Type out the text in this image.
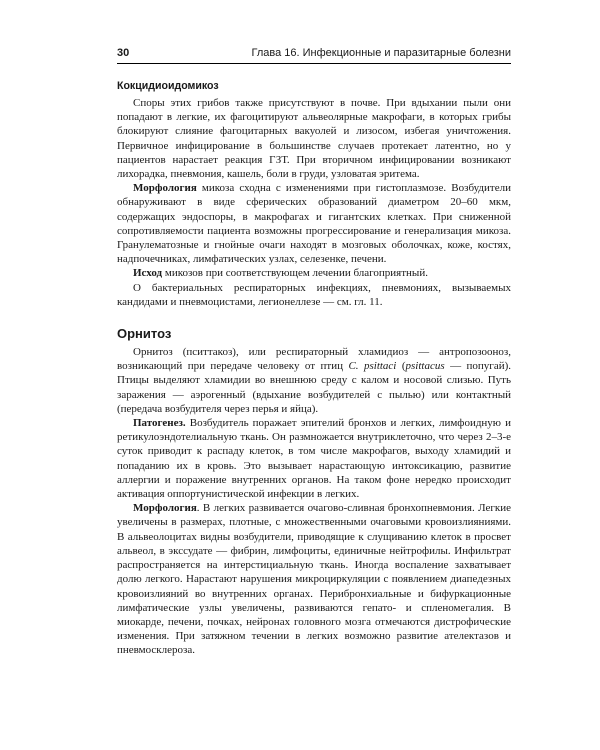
30	Глава 16. Инфекционные и паразитарные болезни
Кокцидиоидомикоз

Споры этих грибов также присутствуют в почве. При вдыхании пыли они попадают в легкие, их фагоцитируют альвеолярные макрофаги, в которых грибы блокируют слияние фагоцитарных вакуолей и лизосом, избегая уничтожения. Первичное инфицирование в большинстве случаев протекает латентно, но у пациентов нарастает реакция ГЗТ. При вторичном инфицировании возникают лихорадка, пневмония, кашель, боли в груди, узловатая эритема.

Морфология микоза сходна с изменениями при гистоплазмозе. Возбудители обнаруживают в виде сферических образований диаметром 20–60 мкм, содержащих эндоспоры, в макрофагах и гигантских клетках. При сниженной сопротивляемости пациента возможны прогрессирование и генерализация микоза. Гранулематозные и гнойные очаги находят в мозговых оболочках, коже, костях, надпочечниках, лимфатических узлах, селезенке, печени.

Исход микозов при соответствующем лечении благоприятный.

О бактериальных респираторных инфекциях, пневмониях, вызываемых кандидами и пневмоцистами, легионеллезе — см. гл. 11.

Орнитоз

Орнитоз (пситтакоз), или респираторный хламидиоз — антропозооноз, возникающий при передаче человеку от птиц C. psittaci (psittacus — попугай). Птицы выделяют хламидии во внешнюю среду с калом и носовой слизью. Путь заражения — аэрогенный (вдыхание возбудителей с пылью) или контактный (передача возбудителя через перья и яйца).

Патогенез. Возбудитель поражает эпителий бронхов и легких, лимфоидную и ретикулоэндотелиальную ткань. Он размножается внутриклеточно, что через 2–3-е суток приводит к распаду клеток, в том числе макрофагов, выходу хламидий и попаданию их в кровь. Это вызывает нарастающую интоксикацию, развитие аллергии и поражение внутренних органов. На таком фоне нередко происходит активация оппортунистической инфекции в легких.

Морфология. В легких развивается очагово-сливная бронхопневмония. Легкие увеличены в размерах, плотные, с множественными очаговыми кровоизлияниями. В альвеолоцитах видны возбудители, приводящие к слущиванию клеток в просвет альвеол, в экссудате — фибрин, лимфоциты, единичные нейтрофилы. Инфильтрат распространяется на интерстициальную ткань. Иногда воспаление захватывает долю легкого. Нарастают нарушения микроциркуляции с появлением диапедезных кровоизлияний во внутренних органах. Перибронхиальные и бифуркационные лимфатические узлы увеличены, развиваются гепато- и спленомегалия. В миокарде, печени, почках, нейронах головного мозга отмечаются дистрофические изменения. При затяжном течении в легких возможно развитие ателектазов и пневмосклероза.
